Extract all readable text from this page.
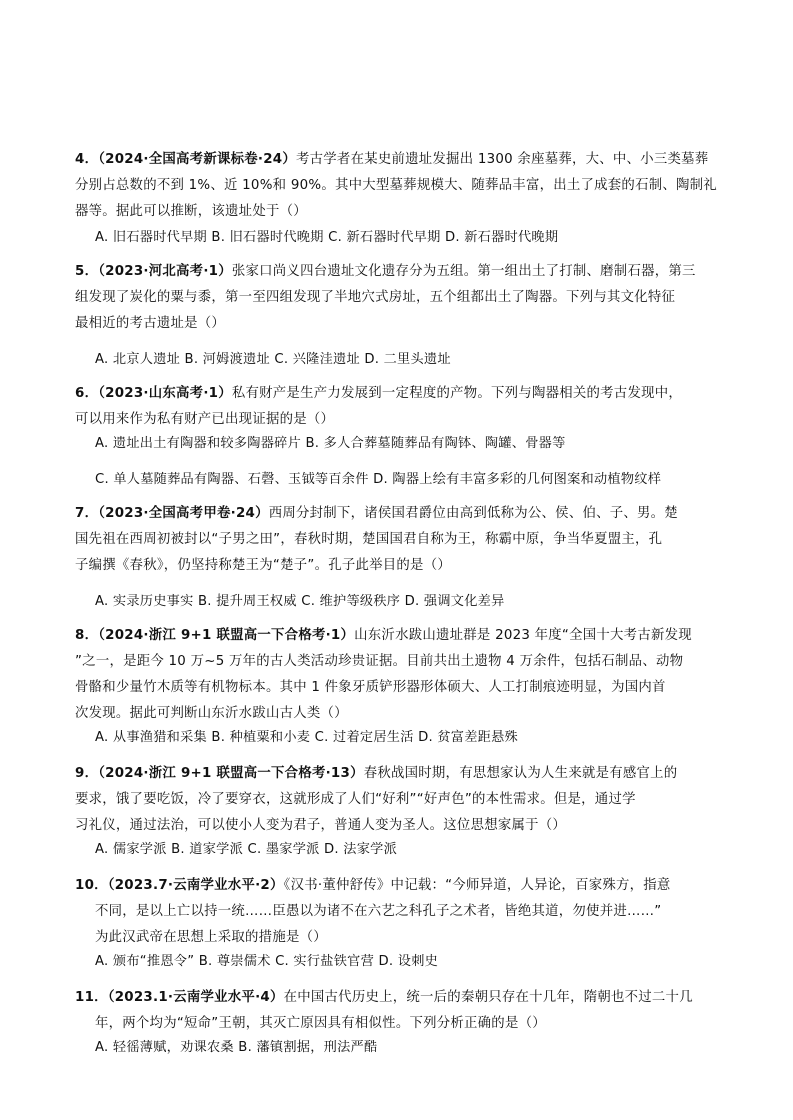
4．（2024·全国高考新课标卷·24）考古学者在某史前遗址发掘出 1300 余座墓葬，大、中、小三类墓葬
分别占总数的不到 1%、近 10%和 90%。其中大型墓葬规模大、随葬品丰富，出土了成套的石制、陶制礼
器等。据此可以推断，该遗址处于（）
A. 旧石器时代早期 B. 旧石器时代晚期 C. 新石器时代早期 D. 新石器时代晚期
5．（2023·河北高考·1）张家口尚义四台遗址文化遗存分为五组。第一组出土了打制、磨制石器，第三
组发现了炭化的粟与黍，第一至四组发现了半地穴式房址，五个组都出土了陶器。下列与其文化特征
最相近的考古遗址是（）
A. 北京人遗址 B. 河姆渡遗址 C. 兴隆洼遗址 D. 二里头遗址
6．（2023·山东高考·1）私有财产是生产力发展到一定程度的产物。下列与陶器相关的考古发现中，
可以用来作为私有财产已出现证据的是（）
A. 遗址出土有陶器和较多陶器碎片 B. 多人合葬墓随葬品有陶钵、陶罐、骨器等
C. 单人墓随葬品有陶器、石磬、玉钺等百余件 D. 陶器上绘有丰富多彩的几何图案和动植物纹样
7．（2023·全国高考甲卷·24）西周分封制下，诸侯国君爵位由高到低称为公、侯、伯、子、男。楚
国先祖在西周初被封以“子男之田”，春秋时期，楚国国君自称为王，称霸中原，争当华夏盟主，孔
子编撰《春秋》，仍坚持称楚王为“楚子”。孔子此举目的是（）
A. 实录历史事实 B. 提升周王权威 C. 维护等级秩序 D. 强调文化差异
8．（2024·浙江 9+1 联盟高一下合格考·1）山东沂水跋山遗址群是 2023 年度“全国十大考古新发现
”之一，是距今 10 万~5 万年的古人类活动珍贵证据。目前共出土遗物 4 万余件，包括石制品、动物
骨骼和少量竹木质等有机物标本。其中 1 件象牙质铲形器形体硕大、人工打制痕迹明显，为国内首
次发现。据此可判断山东沂水跋山古人类（）
A. 从事渔猎和采集 B. 种植粟和小麦 C. 过着定居生活 D. 贫富差距悬殊
9．（2024·浙江 9+1 联盟高一下合格考·13）春秋战国时期，有思想家认为人生来就是有感官上的
要求，饿了要吃饭，冷了要穿衣，这就形成了人们“好利”“好声色”的本性需求。但是，通过学
习礼仪，通过法治，可以使小人变为君子，普通人变为圣人。这位思想家属于（）
A. 儒家学派 B. 道家学派 C. 墨家学派 D. 法家学派
10．（2023.7·云南学业水平·2）《汉书·董仲舒传》中记载：“今师异道，人异论，百家殊方，指意
不同，是以上亡以持一统……臣愚以为诸不在六艺之科孔子之术者，皆绝其道，勿使并进……”
为此汉武帝在思想上采取的措施是（）
A. 颁布“推恩令” B. 尊崇儒术 C. 实行盐铁官营 D. 设刺史
11．（2023.1·云南学业水平·4）在中国古代历史上，统一后的秦朝只存在十几年，隋朝也不过二十几
年，两个均为“短命”王朝，其灭亡原因具有相似性。下列分析正确的是（）
A. 轻徭薄赋，劝课农桑 B. 藩镇割据，刑法严酷
